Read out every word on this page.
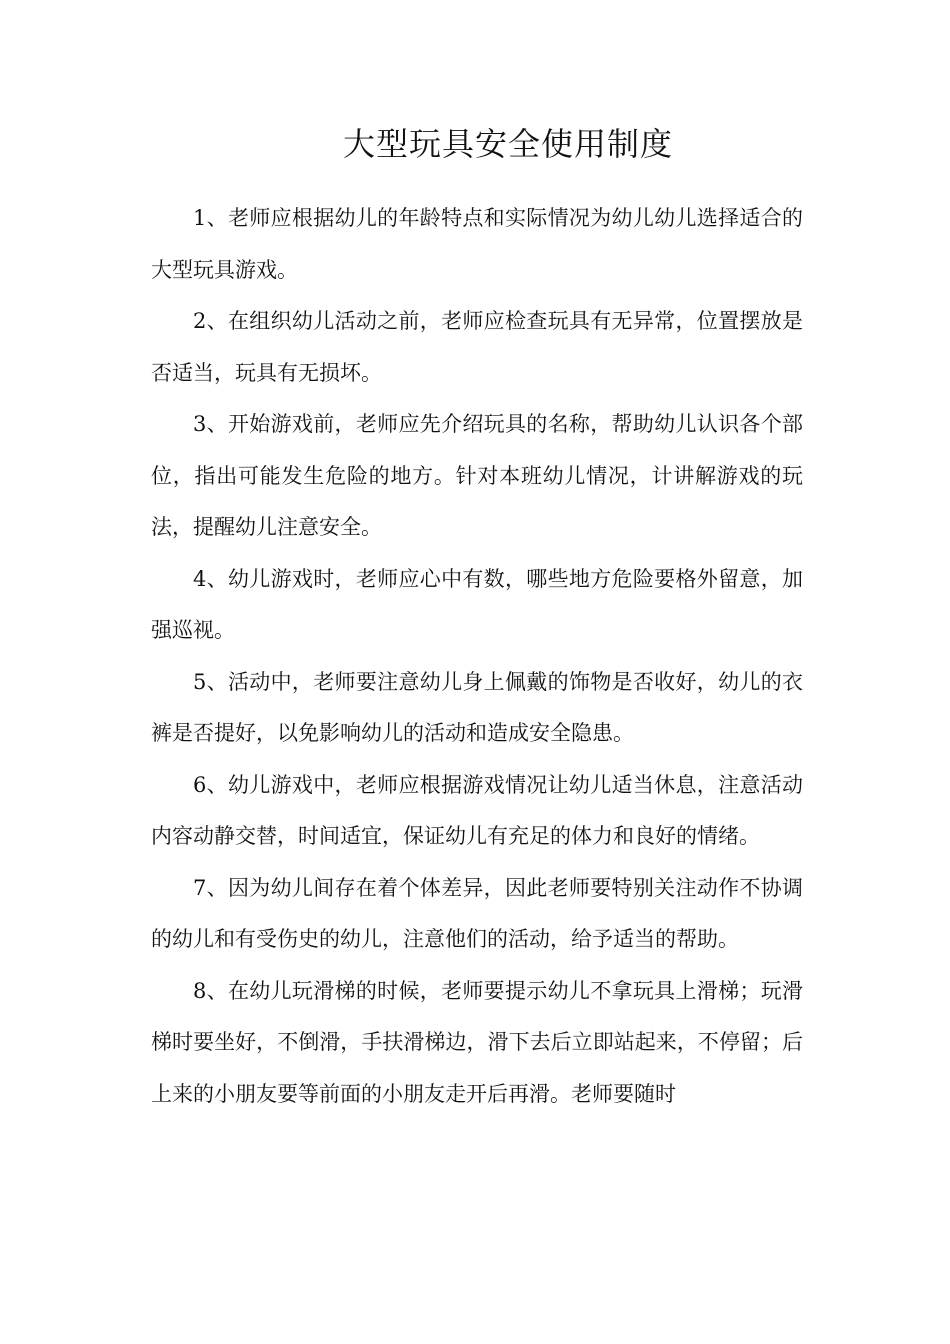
大型玩具安全使用制度

1、老师应根据幼儿的年龄特点和实际情况为幼儿幼儿选择适合的大型玩具游戏。

2、在组织幼儿活动之前，老师应检查玩具有无异常，位置摆放是否适当，玩具有无损坏。

3、开始游戏前，老师应先介绍玩具的名称，帮助幼儿认识各个部位，指出可能发生危险的地方。针对本班幼儿情况，计讲解游戏的玩法，提醒幼儿注意安全。

4、幼儿游戏时，老师应心中有数，哪些地方危险要格外留意，加强巡视。

5、活动中，老师要注意幼儿身上佩戴的饰物是否收好，幼儿的衣裤是否提好，以免影响幼儿的活动和造成安全隐患。

6、幼儿游戏中，老师应根据游戏情况让幼儿适当休息，注意活动内容动静交替，时间适宜，保证幼儿有充足的体力和良好的情绪。

7、因为幼儿间存在着个体差异，因此老师要特别关注动作不协调的幼儿和有受伤史的幼儿，注意他们的活动，给予适当的帮助。

8、在幼儿玩滑梯的时候，老师要提示幼儿不拿玩具上滑梯；玩滑梯时要坐好，不倒滑，手扶滑梯边，滑下去后立即站起来，不停留；后上来的小朋友要等前面的小朋友走开后再滑。老师要随时
